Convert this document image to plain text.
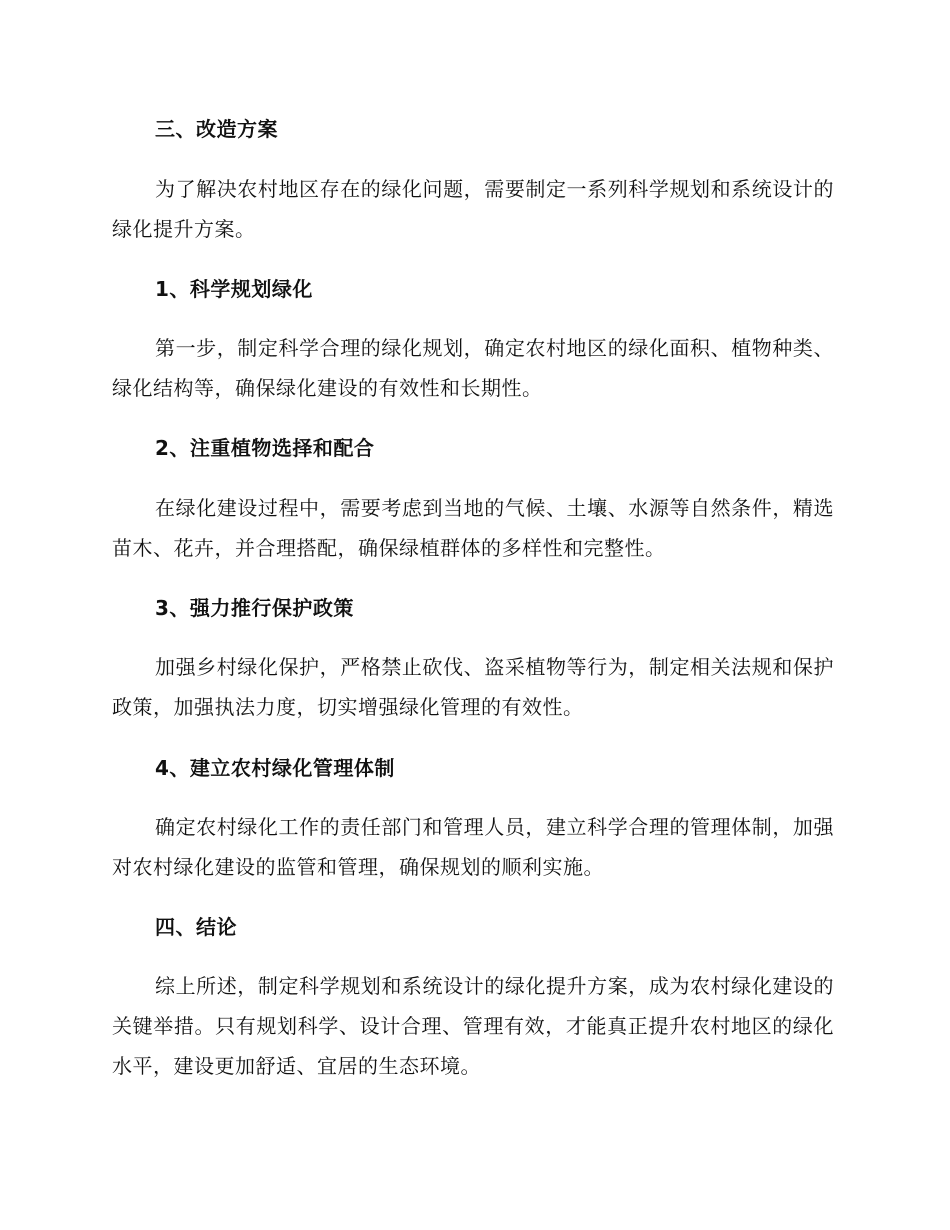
三、改造方案
为了解决农村地区存在的绿化问题，需要制定一系列科学规划和系统设计的绿化提升方案。
1、科学规划绿化
第一步，制定科学合理的绿化规划，确定农村地区的绿化面积、植物种类、绿化结构等，确保绿化建设的有效性和长期性。
2、注重植物选择和配合
在绿化建设过程中，需要考虑到当地的气候、土壤、水源等自然条件，精选苗木、花卉，并合理搭配，确保绿植群体的多样性和完整性。
3、强力推行保护政策
加强乡村绿化保护，严格禁止砍伐、盗采植物等行为，制定相关法规和保护政策，加强执法力度，切实增强绿化管理的有效性。
4、建立农村绿化管理体制
确定农村绿化工作的责任部门和管理人员，建立科学合理的管理体制，加强对农村绿化建设的监管和管理，确保规划的顺利实施。
四、结论
综上所述，制定科学规划和系统设计的绿化提升方案，成为农村绿化建设的关键举措。只有规划科学、设计合理、管理有效，才能真正提升农村地区的绿化水平，建设更加舒适、宜居的生态环境。
